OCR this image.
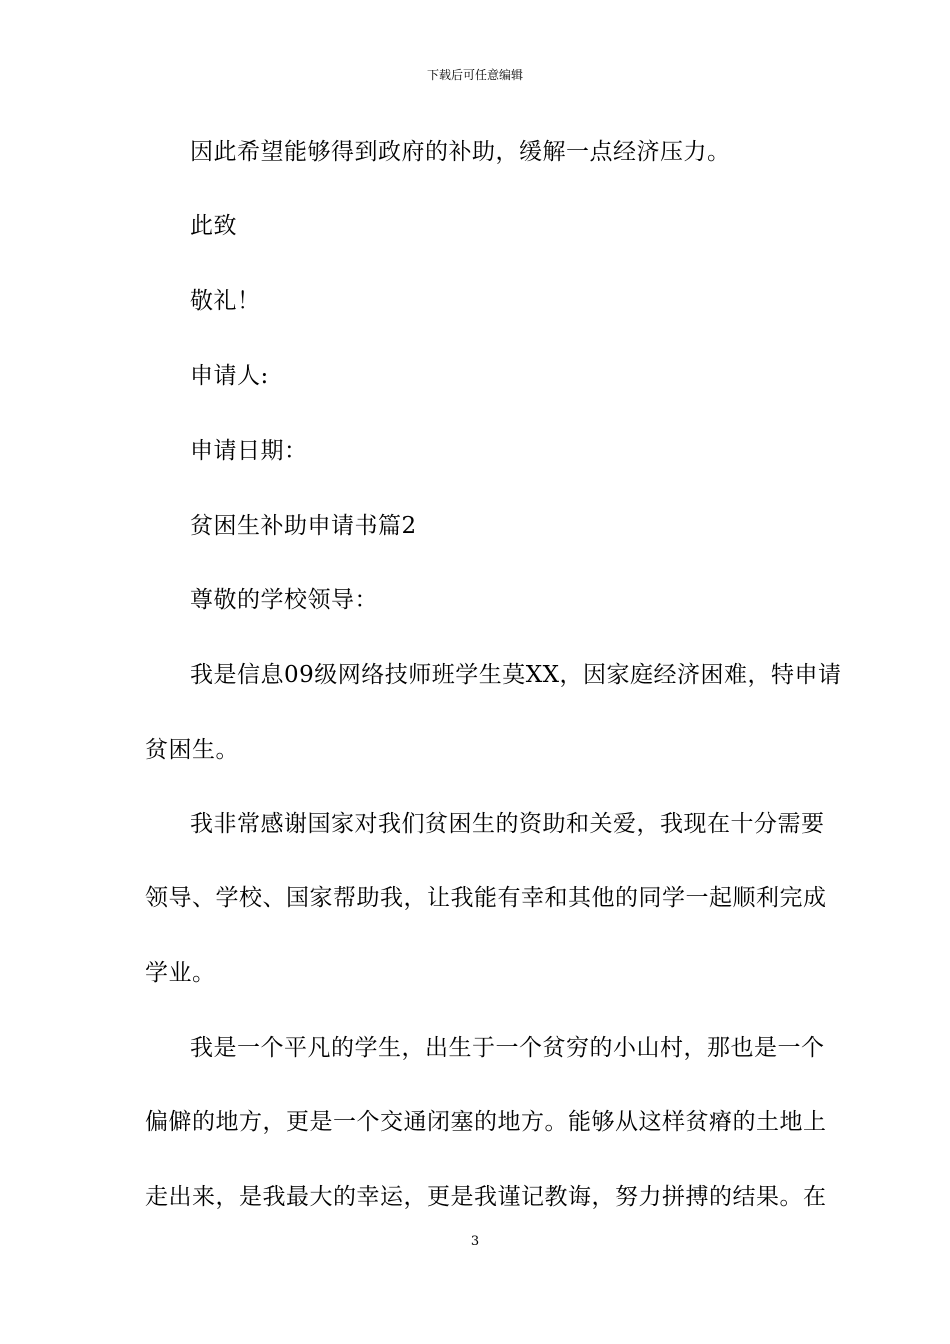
下载后可任意编辑
因此希望能够得到政府的补助，缓解一点经济压力。
此致
敬礼！
申请人:
申请日期：
贫困生补助申请书篇2
尊敬的学校领导：
我是信息09级网络技师班学生莫XX，因家庭经济困难，特申请
贫困生。
我非常感谢国家对我们贫困生的资助和关爱，我现在十分需要
领导、学校、国家帮助我，让我能有幸和其他的同学一起顺利完成
学业。
我是一个平凡的学生，出生于一个贫穷的小山村，那也是一个
偏僻的地方，更是一个交通闭塞的地方。能够从这样贫瘠的土地上
走出来，是我最大的幸运，更是我谨记教诲，努力拼搏的结果。在
3
